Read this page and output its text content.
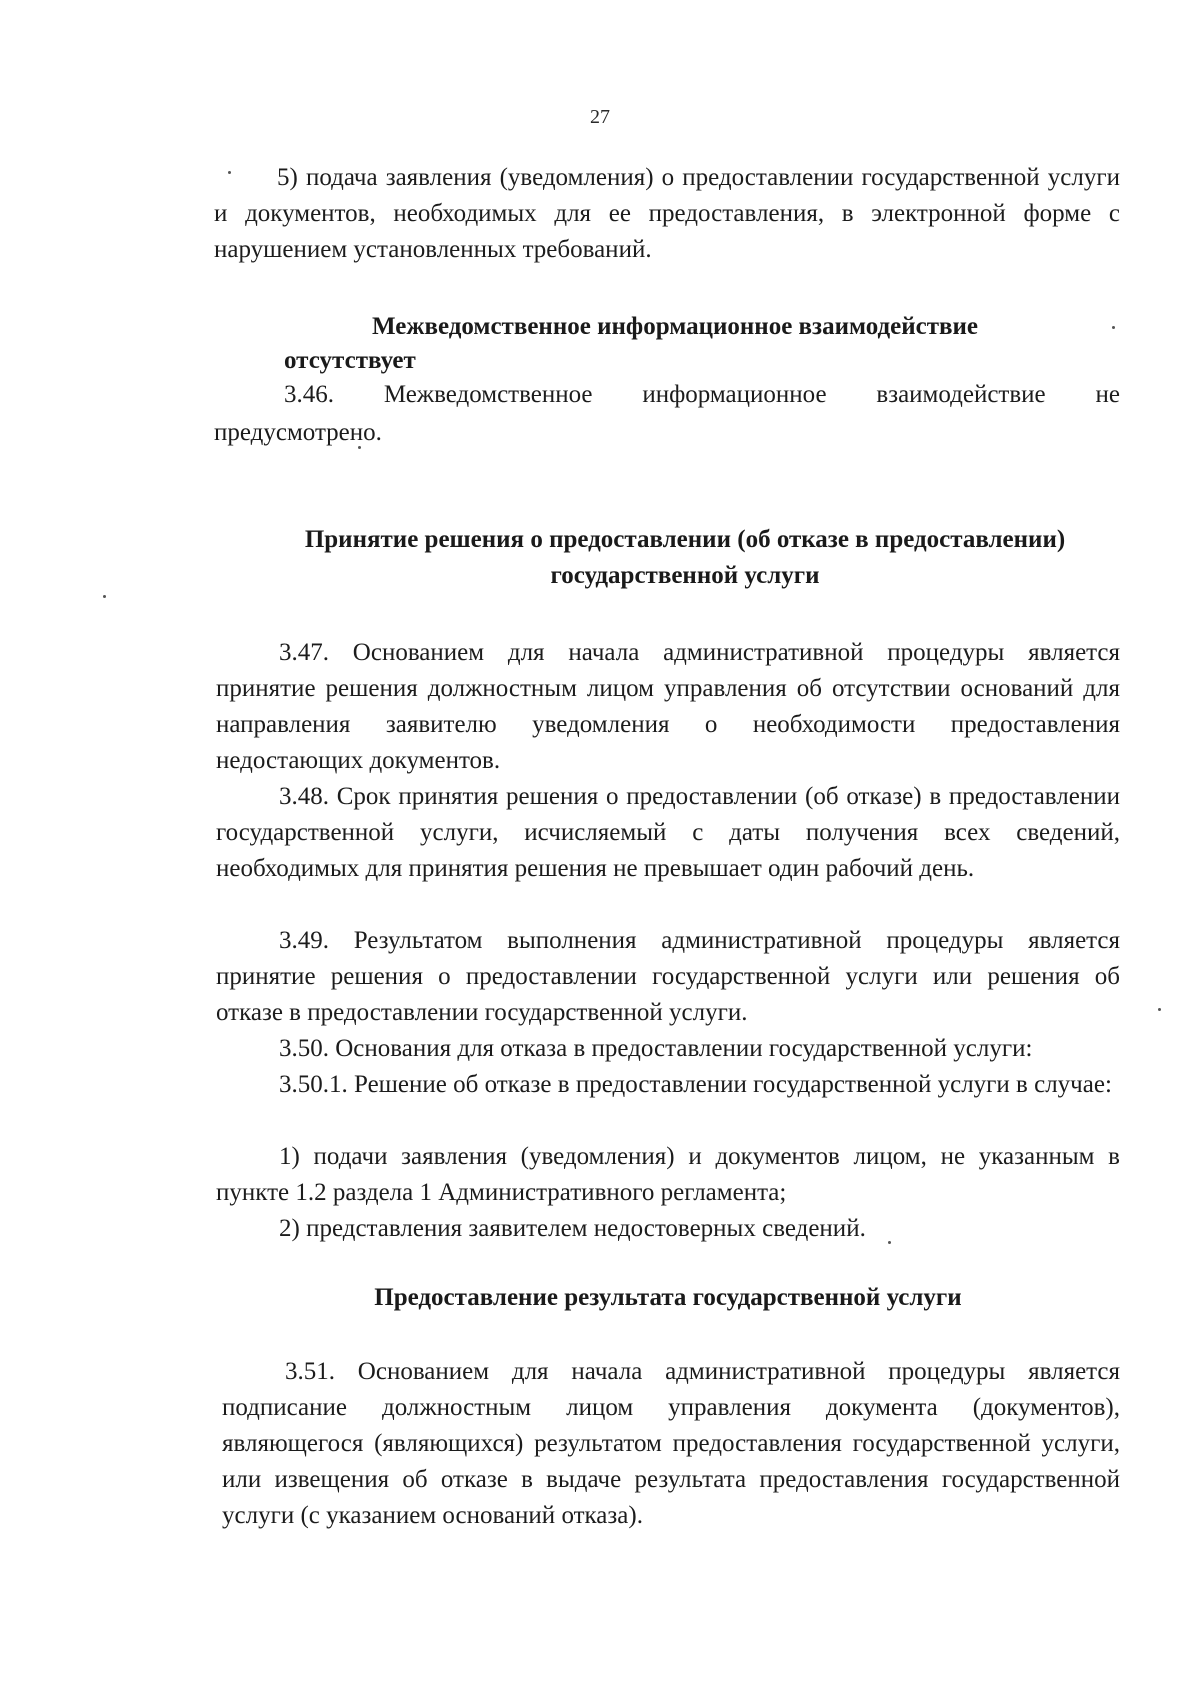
27
5) подача заявления (уведомления) о предоставлении государственной услуги и документов, необходимых для ее предоставления, в электронной форме с нарушением установленных требований.
Межведомственное информационное взаимодействие
отсутствует
3.46. Межведомственное информационное взаимодействие не
предусмотрено.
Принятие решения о предоставлении (об отказе в предоставлении) государственной услуги
3.47. Основанием для начала административной процедуры является принятие решения должностным лицом управления об отсутствии оснований для направления заявителю уведомления о необходимости предоставления недостающих документов.
3.48. Срок принятия решения о предоставлении (об отказе) в предоставлении государственной услуги, исчисляемый с даты получения всех сведений, необходимых для принятия решения не превышает один рабочий день.
3.49. Результатом выполнения административной процедуры является принятие решения о предоставлении государственной услуги или решения об отказе в предоставлении государственной услуги.
3.50. Основания для отказа в предоставлении государственной услуги:
3.50.1. Решение об отказе в предоставлении государственной услуги в случае:
1) подачи заявления (уведомления) и документов лицом, не указанным в пункте 1.2 раздела 1 Административного регламента;
2) представления заявителем недостоверных сведений.
Предоставление результата государственной услуги
3.51. Основанием для начала административной процедуры является подписание должностным лицом управления документа (документов), являющегося (являющихся) результатом предоставления государственной услуги, или извещения об отказе в выдаче результата предоставления государственной услуги (с указанием оснований отказа).
